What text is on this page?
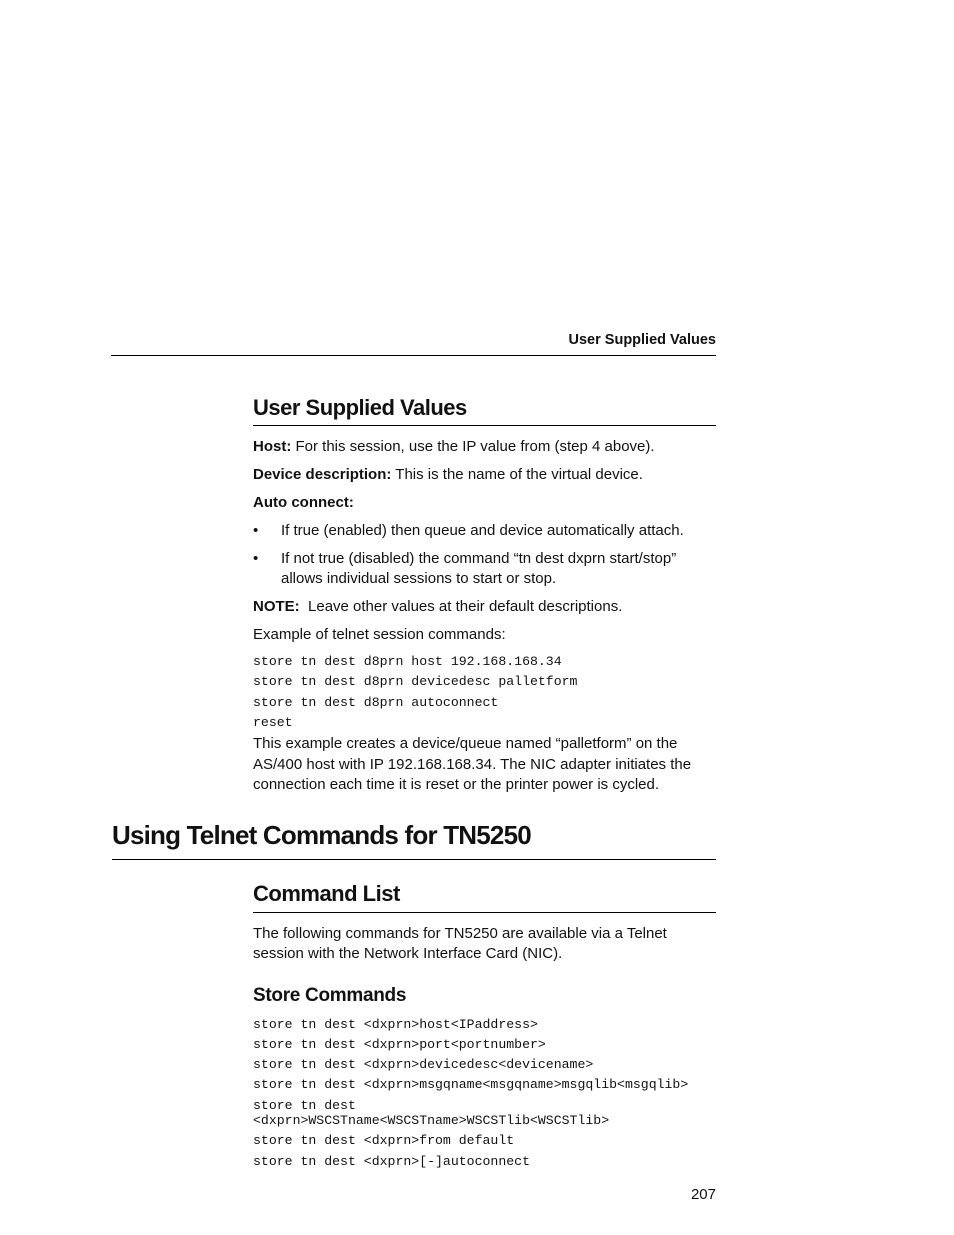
User Supplied Values
User Supplied Values
Host: For this session, use the IP value from (step 4 above).
Device description: This is the name of the virtual device.
Auto connect:
• If true (enabled) then queue and device automatically attach.
• If not true (disabled) the command “tn dest dxprn start/stop”
allows individual sessions to start or stop.
NOTE: Leave other values at their default descriptions.
Example of telnet session commands:
store tn dest d8prn host 192.168.168.34
store tn dest d8prn devicedesc palletform
store tn dest d8prn autoconnect
reset
This example creates a device/queue named “palletform” on the
AS/400 host with IP 192.168.168.34. The NIC adapter initiates the
connection each time it is reset or the printer power is cycled.
Using Telnet Commands for TN5250
Command List
The following commands for TN5250 are available via a Telnet
session with the Network Interface Card (NIC).
Store Commands
store tn dest <dxprn>host<IPaddress>
store tn dest <dxprn>port<portnumber>
store tn dest <dxprn>devicedesc<devicename>
store tn dest <dxprn>msgqname<msgqname>msgqlib<msgqlib>
store tn dest
<dxprn>WSCSTname<WSCSTname>WSCSTlib<WSCSTlib>
store tn dest <dxprn>from default
store tn dest <dxprn>[-]autoconnect
207
